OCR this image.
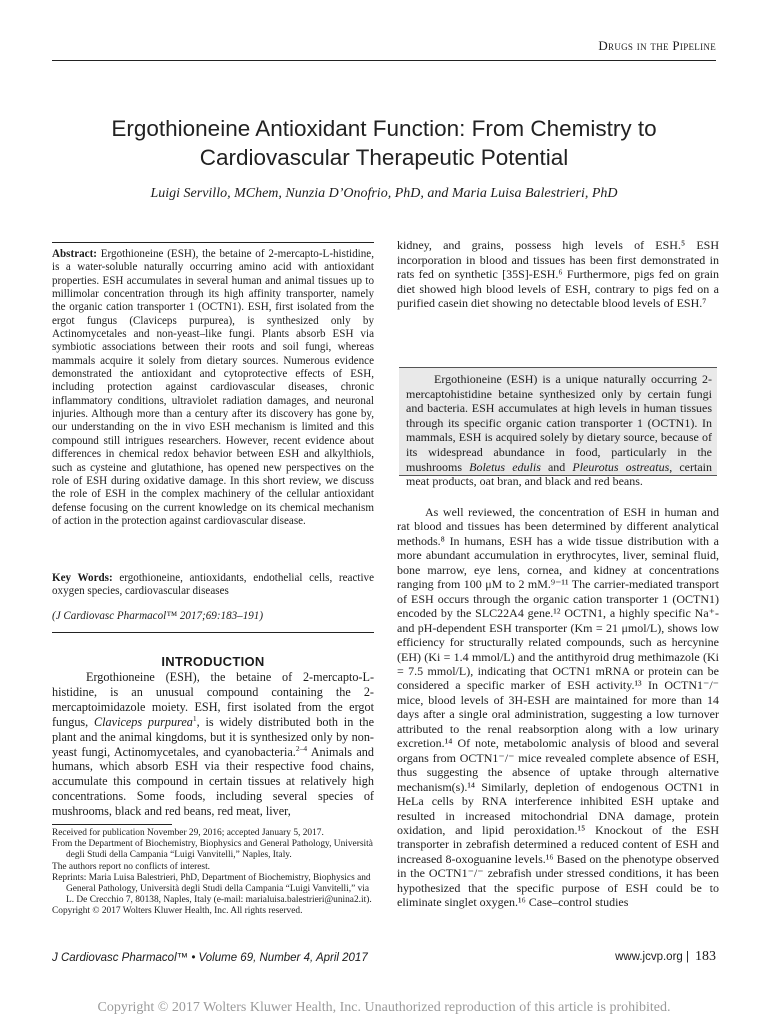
Drugs in the Pipeline
Ergothioneine Antioxidant Function: From Chemistry to
Cardiovascular Therapeutic Potential
Luigi Servillo, MChem, Nunzia D’Onofrio, PhD, and Maria Luisa Balestrieri, PhD

Abstract: Ergothioneine (ESH), the betaine of 2-mercapto-L-histidine, is a water-soluble naturally occurring amino acid with antioxidant properties. ESH accumulates in several human and animal tissues up to millimolar concentration through its high affinity transporter, namely the organic cation transporter 1 (OCTN1). ESH, first isolated from the ergot fungus (Claviceps purpurea), is synthesized only by Actinomycetales and non-yeast–like fungi. Plants absorb ESH via symbiotic associations between their roots and soil fungi, whereas mammals acquire it solely from dietary sources. Numerous evidence demonstrated the antioxidant and cytoprotective effects of ESH, including protection against cardiovascular diseases, chronic inflammatory conditions, ultraviolet radiation damages, and neuronal injuries. Although more than a century after its discovery has gone by, our understanding on the in vivo ESH mechanism is limited and this compound still intrigues researchers. However, recent evidence about differences in chemical redox behavior between ESH and alkylthiols, such as cysteine and glutathione, has opened new perspectives on the role of ESH during oxidative damage. In this short review, we discuss the role of ESH in the complex machinery of the cellular antioxidant defense focusing on the current knowledge on its chemical mechanism of action in the protection against cardiovascular disease.

Key Words: ergothioneine, antioxidants, endothelial cells, reactive oxygen species, cardiovascular diseases

(J Cardiovasc Pharmacol™ 2017;69:183–191)
INTRODUCTION

Ergothioneine (ESH), the betaine of 2-mercapto-L-histidine, is an unusual compound containing the 2-mercaptoimidazole moiety. ESH, first isolated from the ergot fungus, Claviceps purpurea$^1$, is widely distributed both in the plant and the animal kingdoms, but it is synthesized only by non-yeast fungi, Actinomycetales, and cyanobacteria.$^{2-4}$ Animals and humans, which absorb ESH via their respective food chains, accumulate this compound in certain tissues at relatively high concentrations. Some foods, including several species of mushrooms, black and red beans, red meat, liver,

Received for publication November 29, 2016; accepted January 5, 2017.

From the Department of Biochemistry, Biophysics and General Pathology, Università degli Studi della Campania “Luigi Vanvitelli,” Naples, Italy.

The authors report no conflicts of interest.

Reprints: Maria Luisa Balestrieri, PhD, Department of Biochemistry, Biophysics and General Pathology, Università degli Studi della Campania “Luigi Vanvitelli,” via L. De Crecchio 7, 80138, Naples, Italy (e-mail: marialuisa.balestrieri@unina2.it).

Copyright © 2017 Wolters Kluwer Health, Inc. All rights reserved.

kidney, and grains, possess high levels of ESH.⁵ ESH incorporation in blood and tissues has been first demonstrated in rats fed on synthetic [35S]-ESH.⁶ Furthermore, pigs fed on grain diet showed high blood levels of ESH, contrary to pigs fed on a purified casein diet showing no detectable blood levels of ESH.⁷

Ergothioneine (ESH) is a unique naturally occurring 2-mercaptohistidine betaine synthesized only by certain fungi and bacteria. ESH accumulates at high levels in human tissues through its specific organic cation transporter 1 (OCTN1). In mammals, ESH is acquired solely by dietary source, because of its widespread abundance in food, particularly in the mushrooms Boletus edulis and Pleurotus ostreatus, certain meat products, oat bran, and black and red beans.

As well reviewed, the concentration of ESH in human and rat blood and tissues has been determined by different analytical methods.⁸ In humans, ESH has a wide tissue distribution with a more abundant accumulation in erythrocytes, liver, seminal fluid, bone marrow, eye lens, cornea, and kidney at concentrations ranging from 100 μM to 2 mM.⁹⁻¹¹ The carrier-mediated transport of ESH occurs through the organic cation transporter 1 (OCTN1) encoded by the SLC22A4 gene.¹² OCTN1, a highly specific Na⁺- and pH-dependent ESH transporter (Km = 21 μmol/L), shows low efficiency for structurally related compounds, such as hercynine (EH) (Ki = 1.4 mmol/L) and the antithyroid drug methimazole (Ki = 7.5 mmol/L), indicating that OCTN1 mRNA or protein can be considered a specific marker of ESH activity.¹³ In OCTN1⁻/⁻ mice, blood levels of 3H-ESH are maintained for more than 14 days after a single oral administration, suggesting a low turnover attributed to the renal reabsorption along with a low urinary excretion.¹⁴ Of note, metabolomic analysis of blood and several organs from OCTN1⁻/⁻ mice revealed complete absence of ESH, thus suggesting the absence of uptake through alternative mechanism(s).¹⁴ Similarly, depletion of endogenous OCTN1 in HeLa cells by RNA interference inhibited ESH uptake and resulted in increased mitochondrial DNA damage, protein oxidation, and lipid peroxidation.¹⁵ Knockout of the ESH transporter in zebrafish determined a reduced content of ESH and increased 8-oxoguanine levels.¹⁶ Based on the phenotype observed in the OCTN1⁻/⁻ zebrafish under stressed conditions, it has been hypothesized that the specific purpose of ESH could be to eliminate singlet oxygen.¹⁶ Case–control studies

J Cardiovasc Pharmacol™ • Volume 69, Number 4, April 2017	www.jcvp.org | 183
Copyright © 2017 Wolters Kluwer Health, Inc. Unauthorized reproduction of this article is prohibited.
